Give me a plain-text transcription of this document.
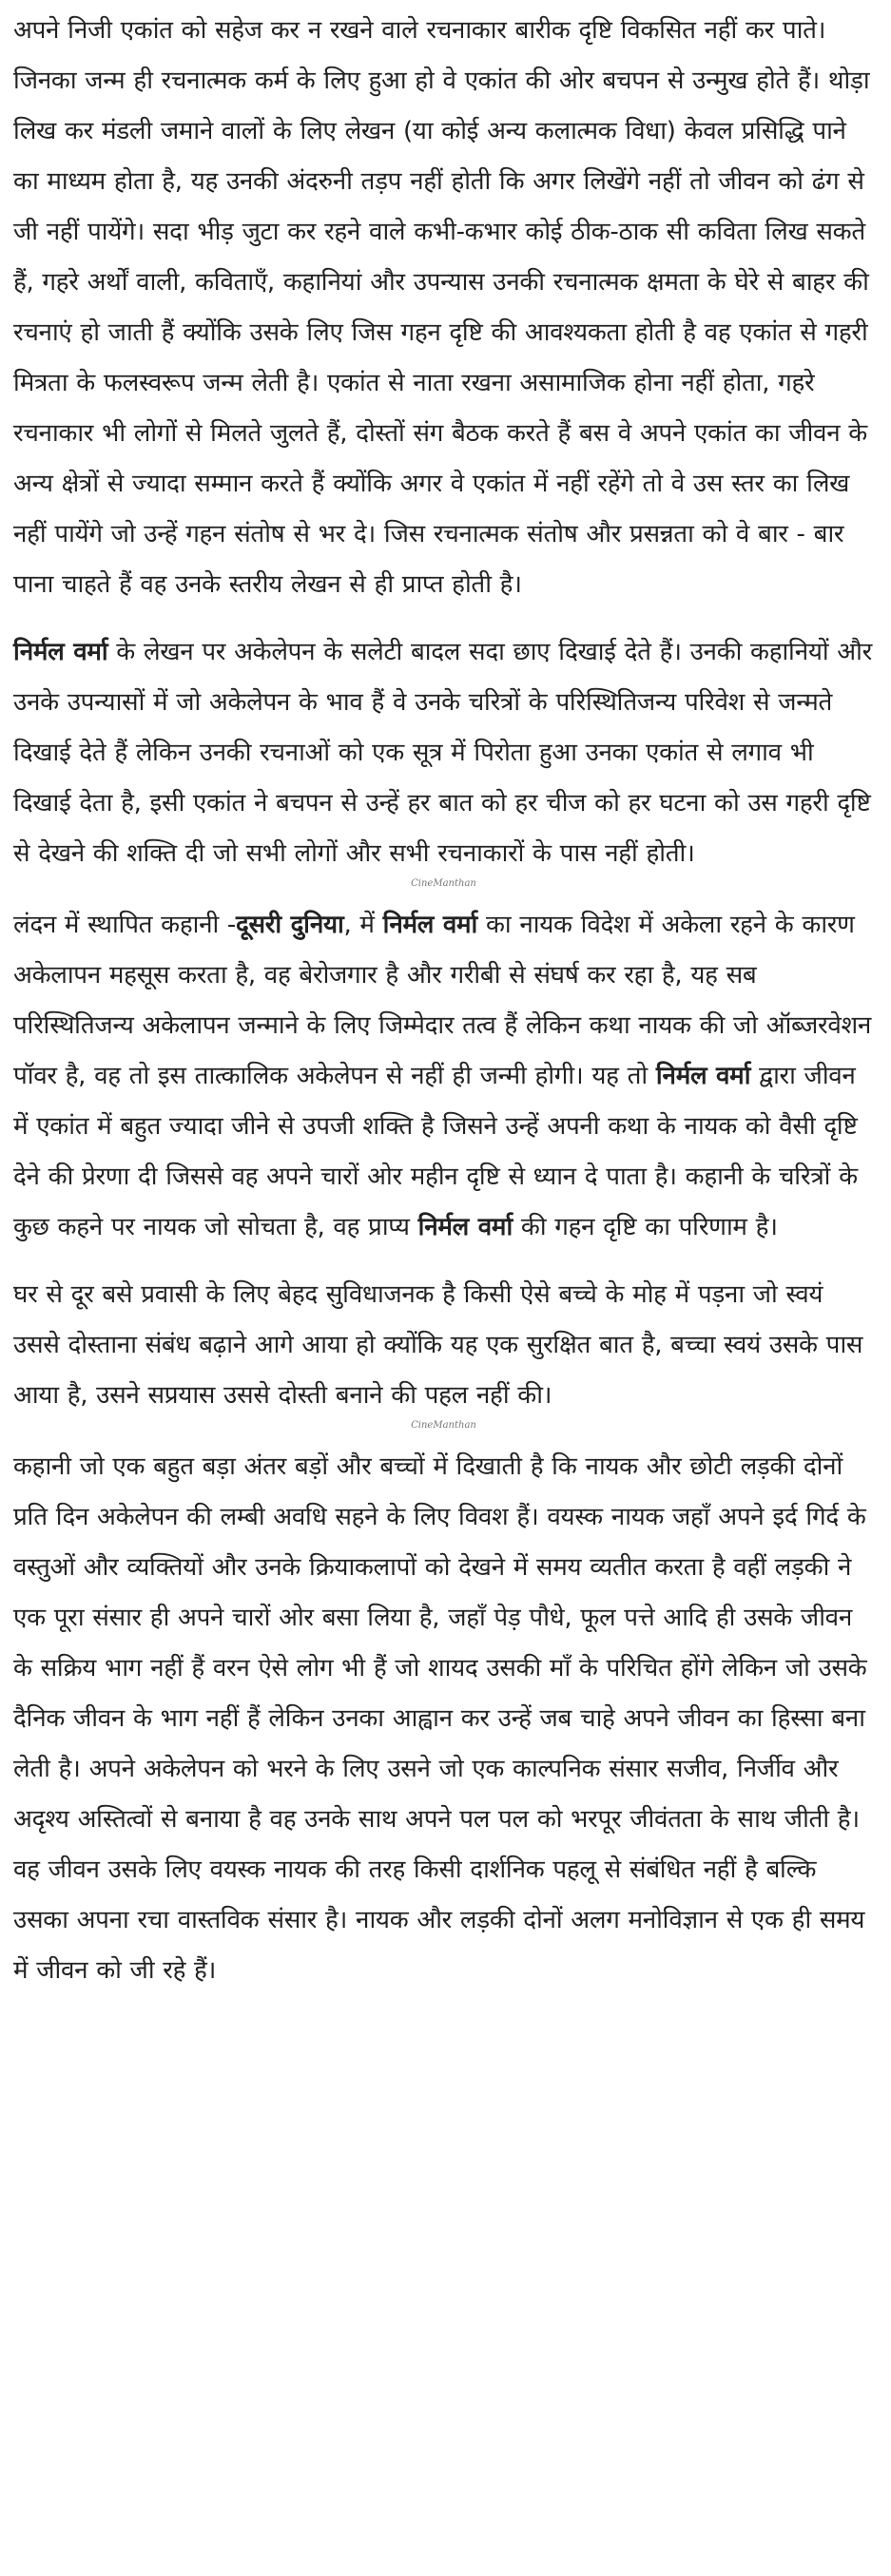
अपने निजी एकांत को सहेज कर न रखने वाले रचनाकार बारीक दृष्टि विकसित नहीं कर पाते। जिनका जन्म ही रचनात्मक कर्म के लिए हुआ हो वे एकांत की ओर बचपन से उन्मुख होते हैं। थोड़ा लिख कर मंडली जमाने वालों के लिए लेखन (या कोई अन्य कलात्मक विधा) केवल प्रसिद्धि पाने का माध्यम होता है, यह उनकी अंदरुनी तड़प नहीं होती कि अगर लिखेंगे नहीं तो जीवन को ढंग से जी नहीं पायेंगे। सदा भीड़ जुटा कर रहने वाले कभी-कभार कोई ठीक-ठाक सी कविता लिख सकते हैं, गहरे अर्थों वाली, कविताएँ, कहानियां और उपन्यास उनकी रचनात्मक क्षमता के घेरे से बाहर की रचनाएं हो जाती हैं क्योंकि उसके लिए जिस गहन दृष्टि की आवश्यकता होती है वह एकांत से गहरी मित्रता के फलस्वरूप जन्म लेती है। एकांत से नाता रखना असामाजिक होना नहीं होता, गहरे रचनाकार भी लोगों से मिलते जुलते हैं, दोस्तों संग बैठक करते हैं बस वे अपने एकांत का जीवन के अन्य क्षेत्रों से ज्यादा सम्मान करते हैं क्योंकि अगर वे एकांत में नहीं रहेंगे तो वे उस स्तर का लिख नहीं पायेंगे जो उन्हें गहन संतोष से भर दे। जिस रचनात्मक संतोष और प्रसन्नता को वे बार - बार पाना चाहते हैं वह उनके स्तरीय लेखन से ही प्राप्त होती है।

निर्मल वर्मा के लेखन पर अकेलेपन के सलेटी बादल सदा छाए दिखाई देते हैं। उनकी कहानियों और उनके उपन्यासों में जो अकेलेपन के भाव हैं वे उनके चरित्रों के परिस्थितिजन्य परिवेश से जन्मते दिखाई देते हैं लेकिन उनकी रचनाओं को एक सूत्र में पिरोता हुआ उनका एकांत से लगाव भी दिखाई देता है, इसी एकांत ने बचपन से उन्हें हर बात को हर चीज को हर घटना को उस गहरी दृष्टि से देखने की शक्ति दी जो सभी लोगों और सभी रचनाकारों के पास नहीं होती।

CineManthan

लंदन में स्थापित कहानी -दूसरी दुनिया, में निर्मल वर्मा का नायक विदेश में अकेला रहने के कारण अकेलापन महसूस करता है, वह बेरोजगार है और गरीबी से संघर्ष कर रहा है, यह सब परिस्थितिजन्य अकेलापन जन्माने के लिए जिम्मेदार तत्व हैं लेकिन कथा नायक की जो ऑब्जरवेशन पॉवर है, वह तो इस तात्कालिक अकेलेपन से नहीं ही जन्मी होगी। यह तो निर्मल वर्मा द्वारा जीवन में एकांत में बहुत ज्यादा जीने से उपजी शक्ति है जिसने उन्हें अपनी कथा के नायक को वैसी दृष्टि देने की प्रेरणा दी जिससे वह अपने चारों ओर महीन दृष्टि से ध्यान दे पाता है। कहानी के चरित्रों के कुछ कहने पर नायक जो सोचता है, वह प्राप्य निर्मल वर्मा की गहन दृष्टि का परिणाम है।

घर से दूर बसे प्रवासी के लिए बेहद सुविधाजनक है किसी ऐसे बच्चे के मोह में पड़ना जो स्वयं उससे दोस्ताना संबंध बढ़ाने आगे आया हो क्योंकि यह एक सुरक्षित बात है, बच्चा स्वयं उसके पास आया है, उसने सप्रयास उससे दोस्ती बनाने की पहल नहीं की।

CineManthan

कहानी जो एक बहुत बड़ा अंतर बड़ों और बच्चों में दिखाती है कि नायक और छोटी लड़की दोनों प्रति दिन अकेलेपन की लम्बी अवधि सहने के लिए विवश हैं। वयस्क नायक जहाँ अपने इर्द गिर्द के वस्तुओं और व्यक्तियों और उनके क्रियाकलापों को देखने में समय व्यतीत करता है वहीं लड़की ने एक पूरा संसार ही अपने चारों ओर बसा लिया है, जहाँ पेड़ पौधे, फूल पत्ते आदि ही उसके जीवन के सक्रिय भाग नहीं हैं वरन ऐसे लोग भी हैं जो शायद उसकी माँ के परिचित होंगे लेकिन जो उसके दैनिक जीवन के भाग नहीं हैं लेकिन उनका आह्वान कर उन्हें जब चाहे अपने जीवन का हिस्सा बना लेती है। अपने अकेलेपन को भरने के लिए उसने जो एक काल्पनिक संसार सजीव, निर्जीव और अदृश्य अस्तित्वों से बनाया है वह उनके साथ अपने पल पल को भरपूर जीवंतता के साथ जीती है। वह जीवन उसके लिए वयस्क नायक की तरह किसी दार्शनिक पहलू से संबंधित नहीं है बल्कि उसका अपना रचा वास्तविक संसार है। नायक और लड़की दोनों अलग मनोविज्ञान से एक ही समय में जीवन को जी रहे हैं।
